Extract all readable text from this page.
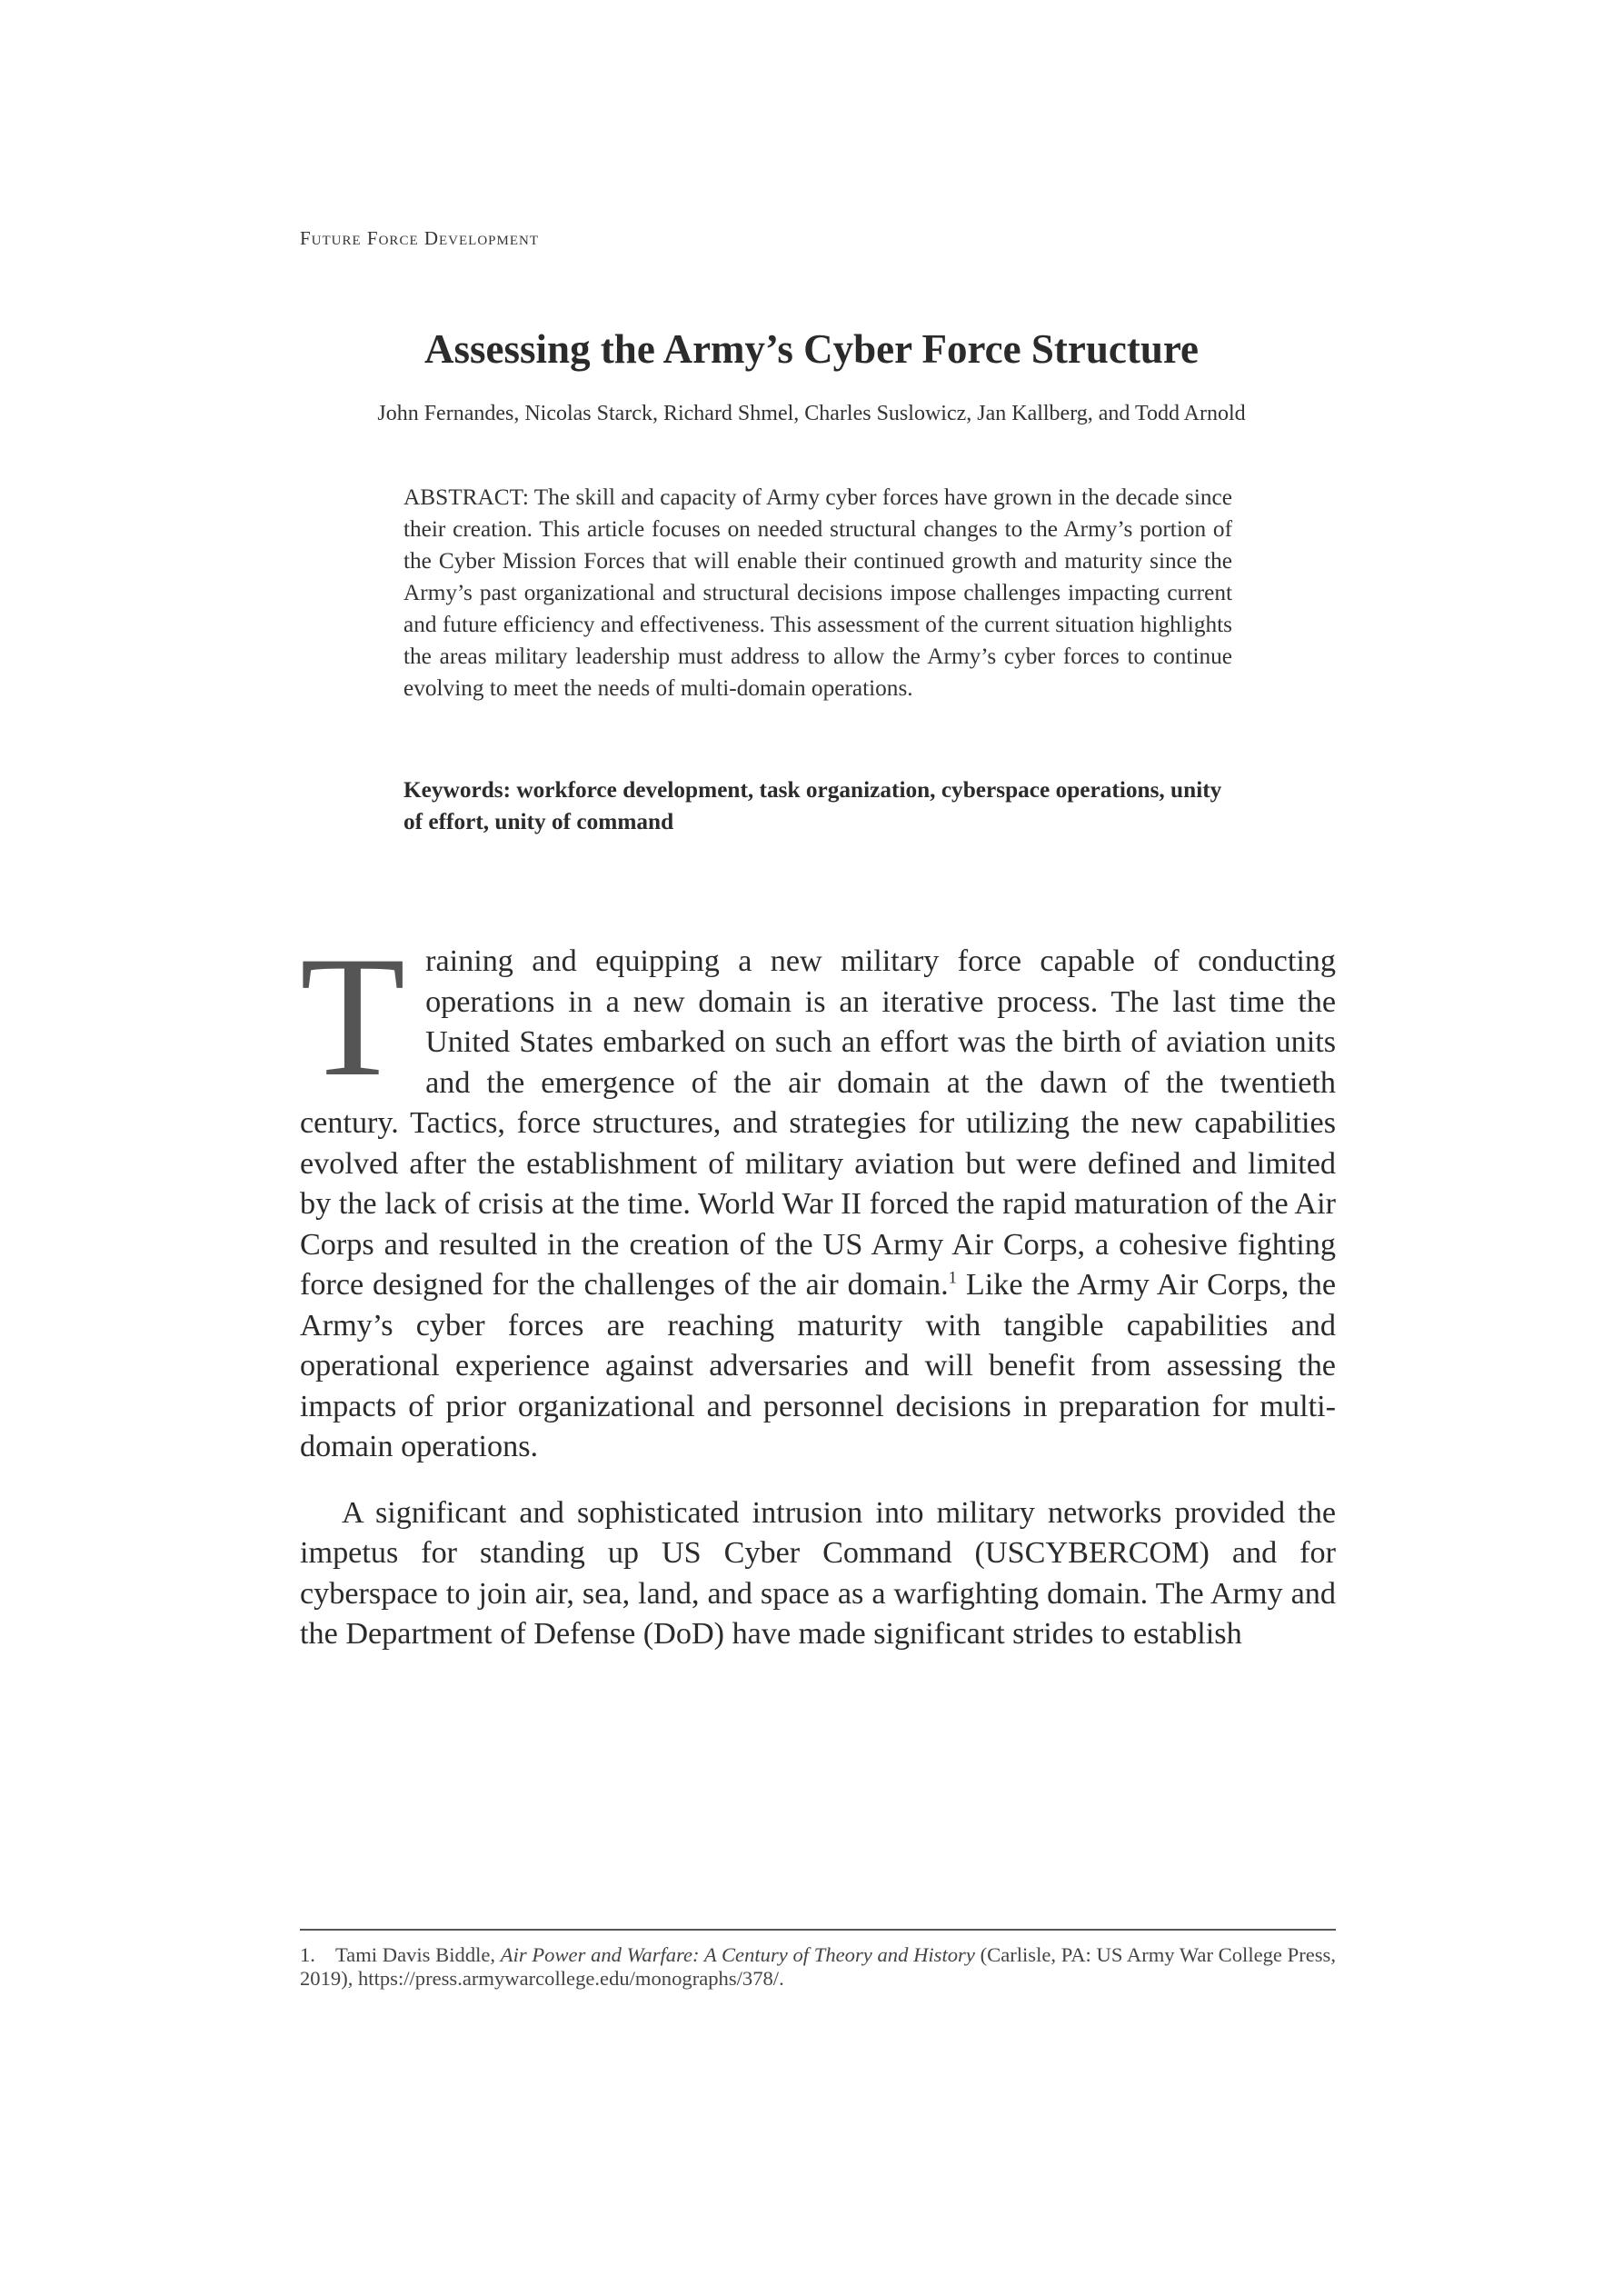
Future Force Development
Assessing the Army’s Cyber Force Structure
John Fernandes, Nicolas Starck, Richard Shmel, Charles Suslowicz, Jan Kallberg, and Todd Arnold

ABSTRACT: The skill and capacity of Army cyber forces have grown in the decade since their creation. This article focuses on needed structural changes to the Army’s portion of the Cyber Mission Forces that will enable their continued growth and maturity since the Army’s past organizational and structural decisions impose challenges impacting current and future efficiency and effectiveness. This assessment of the current situation highlights the areas military leadership must address to allow the Army’s cyber forces to continue evolving to meet the needs of multi-domain operations.

Keywords: workforce development, task organization, cyberspace operations, unity of effort, unity of command

Training and equipping a new military force capable of conducting operations in a new domain is an iterative process. The last time the United States embarked on such an effort was the birth of aviation units and the emergence of the air domain at the dawn of the twentieth century. Tactics, force structures, and strategies for utilizing the new capabilities evolved after the establishment of military aviation but were defined and limited by the lack of crisis at the time. World War II forced the rapid maturation of the Air Corps and resulted in the creation of the US Army Air Corps, a cohesive fighting force designed for the challenges of the air domain.$^1$ Like the Army Air Corps, the Army’s cyber forces are reaching maturity with tangible capabilities and operational experience against adversaries and will benefit from assessing the impacts of prior organizational and personnel decisions in preparation for multi-domain operations.

A significant and sophisticated intrusion into military networks provided the impetus for standing up US Cyber Command (USCYBERCOM) and for cyberspace to join air, sea, land, and space as a warfighting domain. The Army and the Department of Defense (DoD) have made significant strides to establish

1. Tami Davis Biddle, Air Power and Warfare: A Century of Theory and History (Carlisle, PA: US Army War College Press, 2019), https://press.armywarcollege.edu/monographs/378/.
